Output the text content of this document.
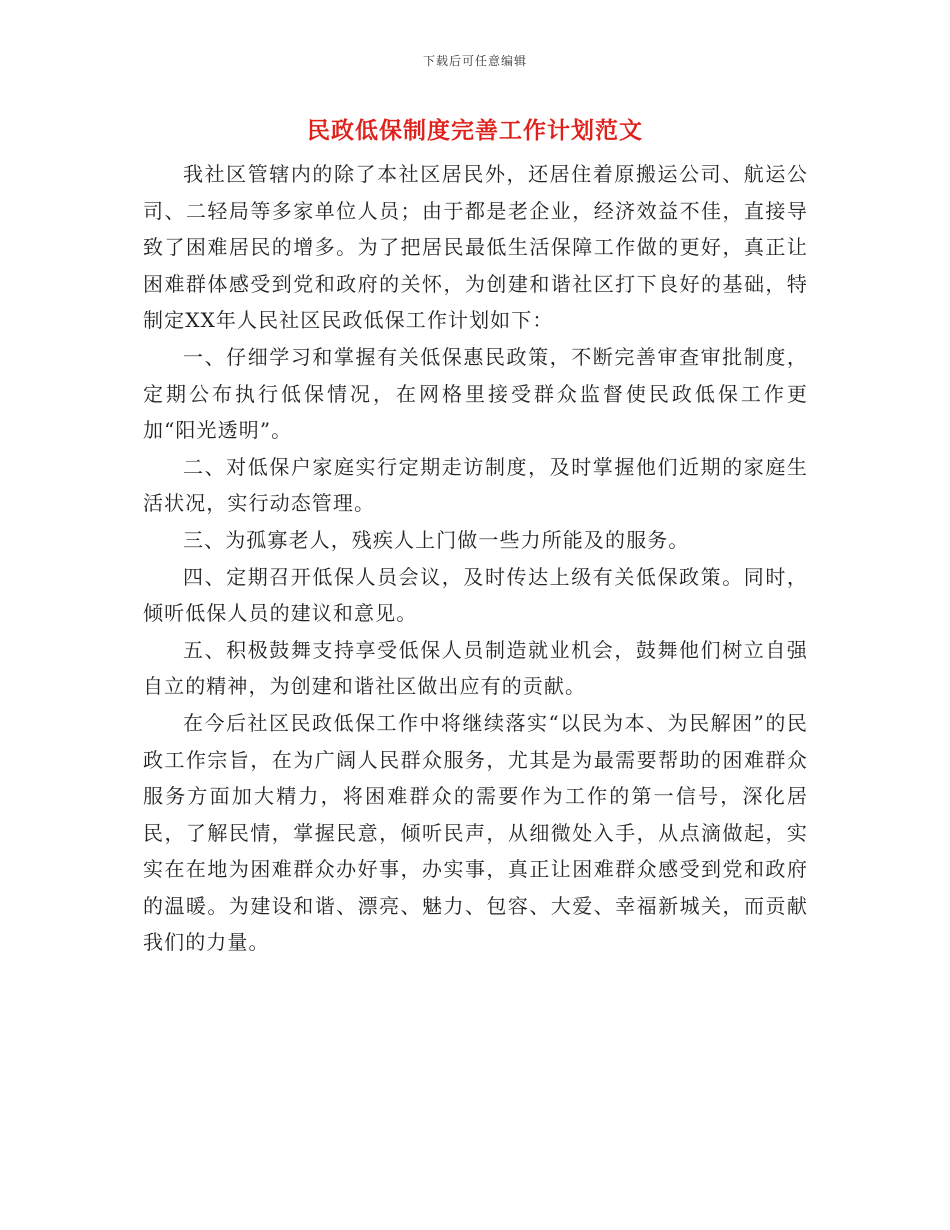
下载后可任意编辑
民政低保制度完善工作计划范文

我社区管辖内的除了本社区居民外，还居住着原搬运公司、航运公司、二轻局等多家单位人员；由于都是老企业，经济效益不佳，直接导致了困难居民的增多。为了把居民最低生活保障工作做的更好，真正让困难群体感受到党和政府的关怀，为创建和谐社区打下良好的基础，特制定XX年人民社区民政低保工作计划如下：

一、仔细学习和掌握有关低保惠民政策，不断完善审查审批制度，定期公布执行低保情况，在网格里接受群众监督使民政低保工作更加“阳光透明”。

二、对低保户家庭实行定期走访制度，及时掌握他们近期的家庭生活状况，实行动态管理。

三、为孤寡老人，残疾人上门做一些力所能及的服务。

四、定期召开低保人员会议，及时传达上级有关低保政策。同时，倾听低保人员的建议和意见。

五、积极鼓舞支持享受低保人员制造就业机会，鼓舞他们树立自强自立的精神，为创建和谐社区做出应有的贡献。

在今后社区民政低保工作中将继续落实“以民为本、为民解困”的民政工作宗旨，在为广阔人民群众服务，尤其是为最需要帮助的困难群众服务方面加大精力，将困难群众的需要作为工作的第一信号，深化居民，了解民情，掌握民意，倾听民声，从细微处入手，从点滴做起，实实在在地为困难群众办好事，办实事，真正让困难群众感受到党和政府的温暖。为建设和谐、漂亮、魅力、包容、大爱、幸福新城关，而贡献我们的力量。
